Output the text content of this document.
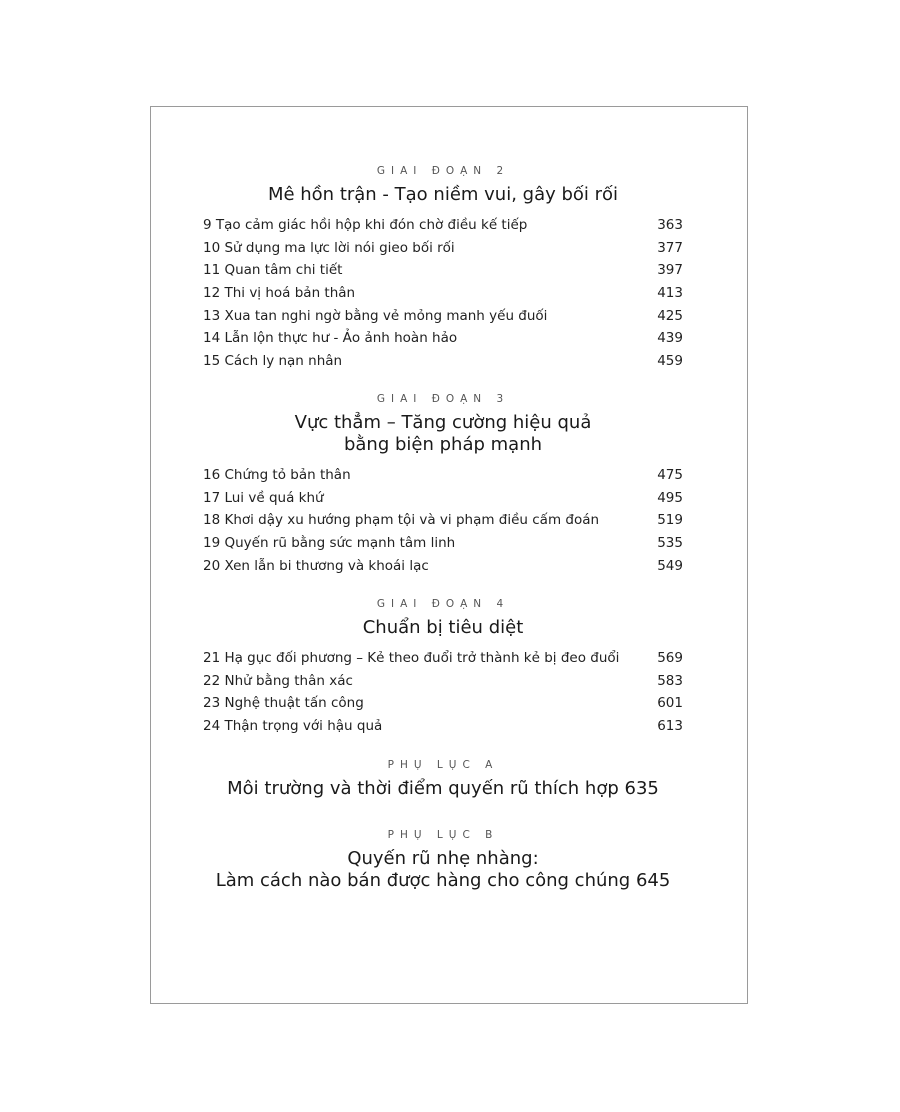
GIAI ĐOẠN 2
Mê hồn trận - Tạo niềm vui, gây bối rối
9 Tạo cảm giác hồi hộp khi đón chờ điều kế tiếp	363
10 Sử dụng ma lực lời nói gieo bối rối	377
11 Quan tâm chi tiết	397
12 Thi vị hoá bản thân	413
13 Xua tan nghi ngờ bằng vẻ mỏng manh yếu đuối	425
14 Lẫn lộn thực hư - Ảo ảnh hoàn hảo	439
15 Cách ly nạn nhân	459
GIAI ĐOẠN 3
Vực thẳm – Tăng cường hiệu quả
bằng biện pháp mạnh
16 Chứng tỏ bản thân	475
17 Lui về quá khứ	495
18 Khơi dậy xu hướng phạm tội và vi phạm điều cấm đoán	519
19 Quyến rũ bằng sức mạnh tâm linh	535
20 Xen lẫn bi thương và khoái lạc	549
GIAI ĐOẠN 4
Chuẩn bị tiêu diệt
21 Hạ gục đối phương – Kẻ theo đuổi trở thành kẻ bị đeo đuổi	569
22 Nhử bằng thân xác	583
23 Nghệ thuật tấn công	601
24 Thận trọng với hậu quả	613
PHỤ LỤC A
Môi trường và thời điểm quyến rũ thích hợp 635
PHỤ LỤC B
Quyến rũ nhẹ nhàng:
Làm cách nào bán được hàng cho công chúng 645
